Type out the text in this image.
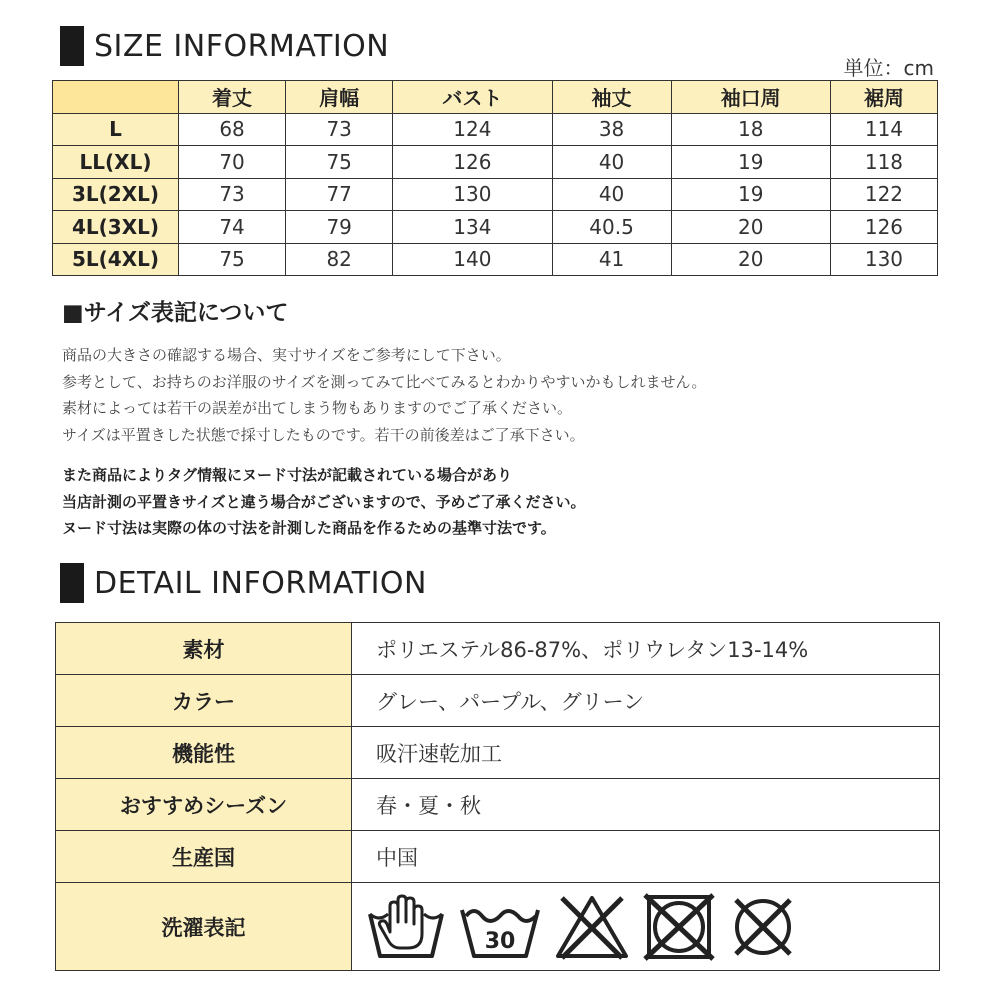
SIZE INFORMATION
単位：cm
	着丈	肩幅	バスト	袖丈	袖口周	裾周
L	68	73	124	38	18	114
LL(XL)	70	75	126	40	19	118
3L(2XL)	73	77	130	40	19	122
4L(3XL)	74	79	134	40.5	20	126
5L(4XL)	75	82	140	41	20	130
■サイズ表記について
商品の大きさの確認する場合、実寸サイズをご参考にして下さい。
参考として、お持ちのお洋服のサイズを測ってみて比べてみるとわかりやすいかもしれません。
素材によっては若干の誤差が出てしまう物もありますのでご了承ください。
サイズは平置きした状態で採寸したものです。若干の前後差はご了承下さい。
また商品によりタグ情報にヌード寸法が記載されている場合があり
当店計測の平置きサイズと違う場合がございますので、予めご了承ください。
ヌード寸法は実際の体の寸法を計測した商品を作るための基準寸法です。
DETAIL INFORMATION
素材	ポリエステル86-87%、ポリウレタン13-14%
カラー	グレー、パープル、グリーン
機能性	吸汗速乾加工
おすすめシーズン	春・夏・秋
生産国	中国
洗濯表記	30
